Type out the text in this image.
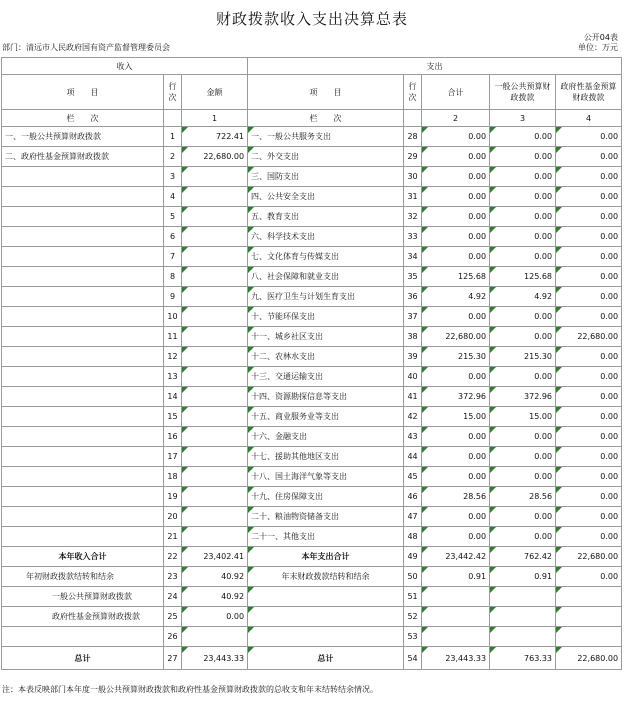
财政拨款收入支出决算总表
公开04表
部门：清远市人民政府国有资产监督管理委员会	单位：万元
收入			支出				
项　　目	行次	金额	项　　目	行次	合计	一般公共预算财政拨款	政府性基金预算财政拨款
栏　　次		1	栏　　次		2	3	4
一、一般公共预算财政拨款	1	722.41	一、一般公共服务支出	28	0.00	0.00	0.00
二、政府性基金预算财政拨款	2	22,680.00	二、外交支出	29	0.00	0.00	0.00
	3		三、国防支出	30	0.00	0.00	0.00
	4		四、公共安全支出	31	0.00	0.00	0.00
	5		五、教育支出	32	0.00	0.00	0.00
	6		六、科学技术支出	33	0.00	0.00	0.00
	7		七、文化体育与传媒支出	34	0.00	0.00	0.00
	8		八、社会保障和就业支出	35	125.68	125.68	0.00
	9		九、医疗卫生与计划生育支出	36	4.92	4.92	0.00
	10		十、节能环保支出	37	0.00	0.00	0.00
	11		十一、城乡社区支出	38	22,680.00	0.00	22,680.00
	12		十二、农林水支出	39	215.30	215.30	0.00
	13		十三、交通运输支出	40	0.00	0.00	0.00
	14		十四、资源勘探信息等支出	41	372.96	372.96	0.00
	15		十五、商业服务业等支出	42	15.00	15.00	0.00
	16		十六、金融支出	43	0.00	0.00	0.00
	17		十七、援助其他地区支出	44	0.00	0.00	0.00
	18		十八、国土海洋气象等支出	45	0.00	0.00	0.00
	19		十九、住房保障支出	46	28.56	28.56	0.00
	20		二十、粮油物资储备支出	47	0.00	0.00	0.00
	21		二十一、其他支出	48	0.00	0.00	0.00
本年收入合计	22	23,402.41	本年支出合计	49	23,442.42	762.42	22,680.00
年初财政拨款结转和结余	23	40.92	年末财政拨款结转和结余	50	0.91	0.91	0.00
一般公共预算财政拨款	24	40.92		51			
政府性基金预算财政拨款	25	0.00		52			
	26			53			
总计	27	23,443.33	总计	54	23,443.33	763.33	22,680.00
注：本表反映部门本年度一般公共预算财政拨款和政府性基金预算财政拨款的总收支和年末结转结余情况。
